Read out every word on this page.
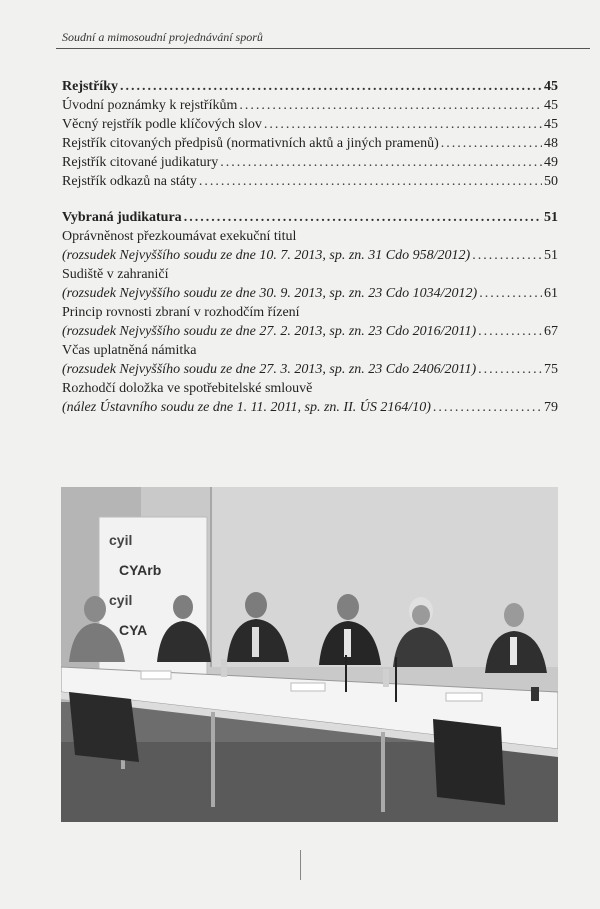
Soudní a mimosoudní projednávání sporů
Rejstříky .....	45
Úvodní poznámky k rejstříkům .....	45
Věcný rejstřík podle klíčových slov .....	45
Rejstřík citovaných předpisů (normativních aktů a jiných pramenů) .....	48
Rejstřík citované judikatury .....	49
Rejstřík odkazů na státy .....	50
Vybraná judikatura .....	51
Oprávněnost přezkoumávat exekuční titul
(rozsudek Nejvyššího soudu ze dne 10. 7. 2013, sp. zn. 31 Cdo 958/2012) .....	51
Sudiště v zahraničí
(rozsudek Nejvyššího soudu ze dne 30. 9. 2013, sp. zn. 23 Cdo 1034/2012) .....	61
Princip rovnosti zbraní v rozhodčím řízení
(rozsudek Nejvyššího soudu ze dne 27. 2. 2013, sp. zn. 23 Cdo 2016/2011) .....	67
Včas uplatněná námitka
(rozsudek Nejvyššího soudu ze dne 27. 3. 2013, sp. zn. 23 Cdo 2406/2011) .....	75
Rozhodčí doložka ve spotřebitelské smlouvě
(nález Ústavního soudu ze dne 1. 11. 2011, sp. zn. II. ÚS 2164/10) .....	79
cyil
CYArb
cyil
CYA
